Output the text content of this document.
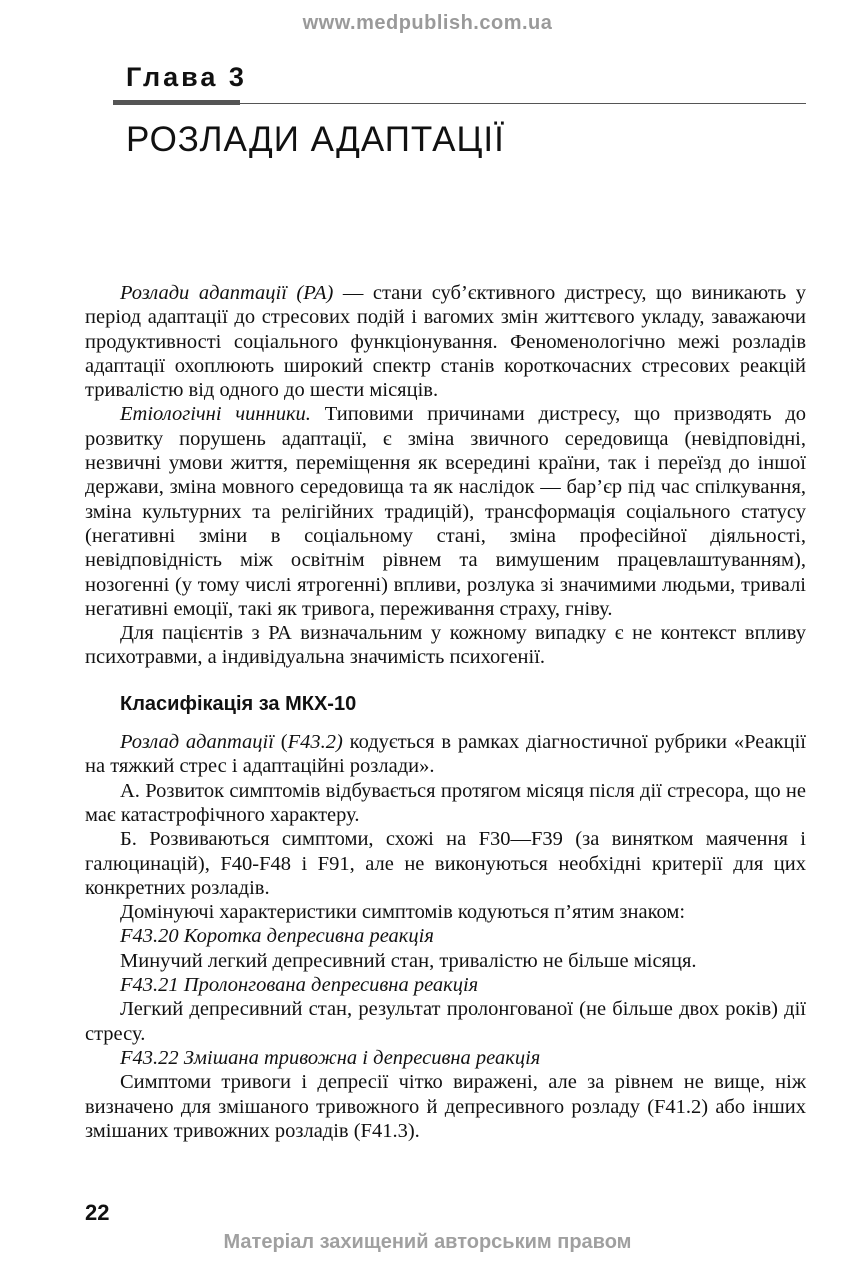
www.medpublish.com.ua
Глава 3
РОЗЛАДИ АДАПТАЦІЇ

Розлади адаптації (РА) — стани суб’єктивного дистресу, що виникають у період адаптації до стресових подій і вагомих змін життєвого укладу, заважаючи продуктивності соціального функціонування. Феноменологічно межі розладів адаптації охоплюють широкий спектр станів короткочасних стресових реакцій тривалістю від одного до шести місяців.

Етіологічні чинники. Типовими причинами дистресу, що призводять до розвитку порушень адаптації, є зміна звичного середовища (невідповідні, незвичні умови життя, переміщення як всередині країни, так і переїзд до іншої держави, зміна мовного середовища та як наслідок — бар’єр під час спілкування, зміна культурних та релігійних традицій), трансформація соціального статусу (негативні зміни в соціальному стані, зміна професійної діяльності, невідповідність між освітнім рівнем та вимушеним працевлаштуванням), нозогенні (у тому числі ятрогенні) впливи, розлука зі значимими людьми, тривалі негативні емоції, такі як тривога, переживання страху, гніву.

Для пацієнтів з РА визначальним у кожному випадку є не контекст впливу психотравми, а індивідуальна значимість психогенії.

Класифікація за МКХ-10

Розлад адаптації (F43.2) кодується в рамках діагностичної рубрики «Реакції на тяжкий стрес і адаптаційні розлади».

А. Розвиток симптомів відбувається протягом місяця після дії стресора, що не має катастрофічного характеру.

Б. Розвиваються симптоми, схожі на F30—F39 (за винятком маячення і галюцинацій), F40-F48 і F91, але не виконуються необхідні критерії для цих конкретних розладів.

Домінуючі характеристики симптомів кодуються п’ятим знаком:

F43.20 Коротка депресивна реакція

Минучий легкий депресивний стан, тривалістю не більше місяця.

F43.21 Пролонгована депресивна реакція

Легкий депресивний стан, результат пролонгованої (не більше двох років) дії стресу.

F43.22 Змішана тривожна і депресивна реакція

Симптоми тривоги і депресії чітко виражені, але за рівнем не вище, ніж визначено для змішаного тривожного й депресивного розладу (F41.2) або інших змішаних тривожних розладів (F41.3).

22
Матеріал захищений авторським правом
